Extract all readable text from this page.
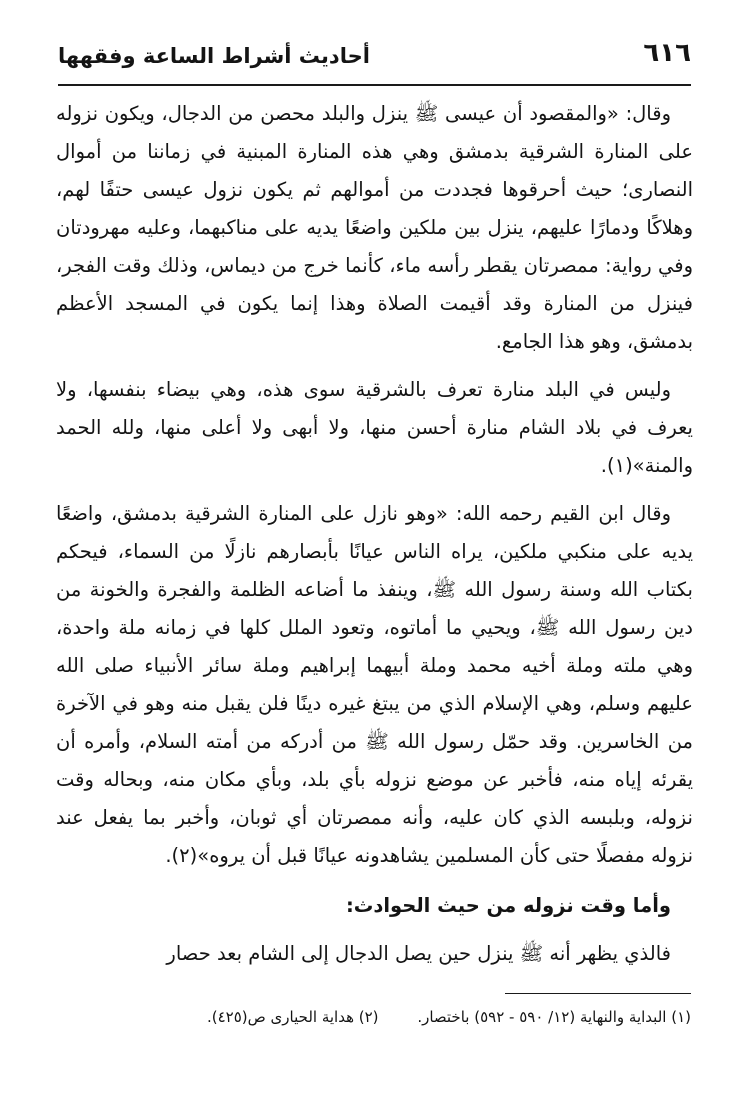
٦١٦
أحاديث أشراط الساعة وفقهها

وقال: «والمقصود أن عيسى ﷺ ينزل والبلد محصن من الدجال، ويكون نزوله على المنارة الشرقية بدمشق وهي هذه المنارة المبنية في زماننا من أموال النصارى؛ حيث أحرقوها فجددت من أموالهم ثم يكون نزول عيسى حتفًا لهم، وهلاكًا ودمارًا عليهم، ينزل بين ملكين واضعًا يديه على مناكبهما، وعليه مهرودتان وفي رواية: ممصرتان يقطر رأسه ماء، كأنما خرج من ديماس، وذلك وقت الفجر، فينزل من المنارة وقد أقيمت الصلاة وهذا إنما يكون في المسجد الأعظم بدمشق، وهو هذا الجامع.

وليس في البلد منارة تعرف بالشرقية سوى هذه، وهي بيضاء بنفسها، ولا يعرف في بلاد الشام منارة أحسن منها، ولا أبهى ولا أعلى منها، ولله الحمد والمنة»(١).

وقال ابن القيم رحمه الله: «وهو نازل على المنارة الشرقية بدمشق، واضعًا يديه على منكبي ملكين، يراه الناس عيانًا بأبصارهم نازلًا من السماء، فيحكم بكتاب الله وسنة رسول الله ﷺ، وينفذ ما أضاعه الظلمة والفجرة والخونة من دين رسول الله ﷺ، ويحيي ما أماتوه، وتعود الملل كلها في زمانه ملة واحدة، وهي ملته وملة أخيه محمد وملة أبيهما إبراهيم وملة سائر الأنبياء صلى الله عليهم وسلم، وهي الإسلام الذي من يبتغ غيره دينًا فلن يقبل منه وهو في الآخرة من الخاسرين. وقد حمّل رسول الله ﷺ من أدركه من أمته السلام، وأمره أن يقرئه إياه منه، فأخبر عن موضع نزوله بأي بلد، وبأي مكان منه، وبحاله وقت نزوله، وبلبسه الذي كان عليه، وأنه ممصرتان أي ثوبان، وأخبر بما يفعل عند نزوله مفصلًا حتى كأن المسلمين يشاهدونه عيانًا قبل أن يروه»(٢).

وأما وقت نزوله من حيث الحوادث:

فالذي يظهر أنه ﷺ ينزل حين يصل الدجال إلى الشام بعد حصار

(١) البداية والنهاية (١٢/ ٥٩٠ - ٥٩٢) باختصار. (٢) هداية الحيارى ص(٤٢٥).
